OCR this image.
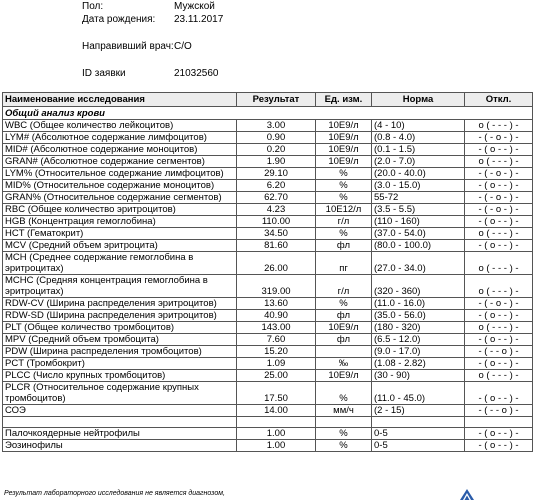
Пол:	Мужской
Дата рождения: 23.11.2017
Направивший врач: С/О
ID заявки	21032560
Наименование исследования	Результат	Ед. изм.	Норма	Откл.
Общий анализ крови				
WBC (Общее количество лейкоцитов)	3.00	10E9/л	(4 - 10)	о ( - - - ) -
LYM# (Абсолютное содержание лимфоцитов)	0.90	10E9/л	(0.8 - 4.0)	- ( - о - ) -
MID# (Абсолютное содержание моноцитов)	0.20	10E9/л	(0.1 - 1.5)	- ( о - - ) -
GRAN# (Абсолютное содержание сегментов)	1.90	10E9/л	(2.0 - 7.0)	о ( - - - ) -
LYM% (Относительное содержание лимфоцитов)	29.10	%	(20.0 - 40.0)	- ( - о - ) -
MID% (Относительное содержание моноцитов)	6.20	%	(3.0 - 15.0)	- ( о - - ) -
GRAN% (Относительное содержание сегментов)	62.70	%	55-72	- ( - о - ) -
RBC (Общее количество эритроцитов)	4.23	10E12/л	(3.5 - 5.5)	- ( - о - ) -
HGB (Концентрация гемоглобина)	110.00	г/л	(110 - 160)	- ( о - - ) -
HCT (Гематокрит)	34.50	%	(37.0 - 54.0)	о ( - - - ) -
MCV (Средний объем эритроцита)	81.60	фл	(80.0 - 100.0)	- ( о - - ) -
MCH (Среднее содержание гемоглобина в эритроцитах)	26.00	пг	(27.0 - 34.0)	о ( - - - ) -
MCHC (Средняя концентрация гемоглобина в эритроцитах)	319.00	г/л	(320 - 360)	о ( - - - ) -
RDW-CV (Ширина распределения эритроцитов)	13.60	%	(11.0 - 16.0)	- ( - о - ) -
RDW-SD (Ширина распределения эритроцитов)	40.90	фл	(35.0 - 56.0)	- ( о - - ) -
PLT (Общее количество тромбоцитов)	143.00	10E9/л	(180 - 320)	о ( - - - ) -
MPV (Средний объем тромбоцита)	7.60	фл	(6.5 - 12.0)	- ( о - - ) -
PDW (Ширина распределения тромбоцитов)	15.20		(9.0 - 17.0)	- ( - - о ) -
PCT (Тромбокрит)	1.09	‰	(1.08 - 2.82)	- ( о - - ) -
PLCC (Число крупных тромбоцитов)	25.00	10E9/л	(30 - 90)	о ( - - - ) -
PLCR (Относительное содержание крупных тромбоцитов)	17.50	%	(11.0 - 45.0)	- ( о - - ) -
СОЭ	14.00	мм/ч	(2 - 15)	- ( - - о ) -

Палочкоядерные нейтрофилы	1.00	%	0-5	- ( о - - ) -
Эозинофилы	1.00	%	0-5	- ( о - - ) -
Результат лабораторного исследования не является диагнозом,
